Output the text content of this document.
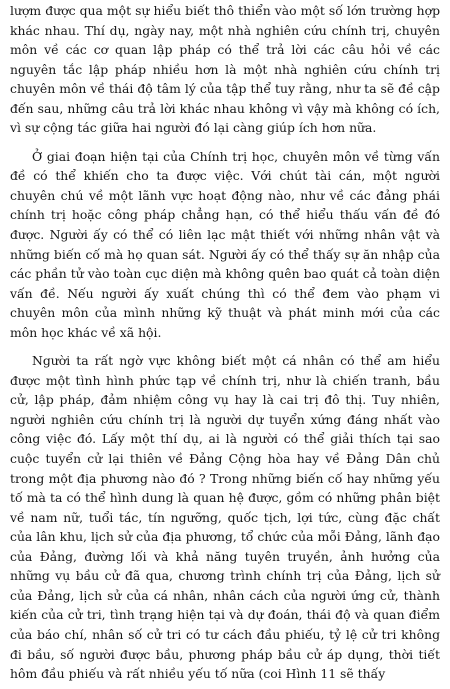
lượm được qua một sự hiểu biết thô thiển vào một số lớn trường hợp khác nhau. Thí dụ, ngày nay, một nhà nghiên cứu chính trị, chuyên môn về các cơ quan lập pháp có thể trả lời các câu hỏi về các nguyên tắc lập pháp nhiều hơn là một nhà nghiên cứu chính trị chuyên môn về thái độ tâm lý của tập thể tuy rằng, như ta sẽ đề cập đến sau, những câu trả lời khác nhau không vì vậy mà không có ích, vì sự cộng tác giữa hai người đó lại càng giúp ích hơn nữa.

Ở giai đoạn hiện tại của Chính trị học, chuyên môn về từng vấn đề có thể khiến cho ta được việc. Với chút tài cán, một người chuyên chú về một lãnh vực hoạt động nào, như về các đảng phái chính trị hoặc công pháp chẳng hạn, có thể hiểu thấu vấn đề đó được. Người ấy có thể có liên lạc mật thiết với những nhân vật và những biến cố mà họ quan sát. Người ấy có thể thấy sự ăn nhập của các phần tử vào toàn cục diện mà không quên bao quát cả toàn diện vấn đề. Nếu người ấy xuất chúng thì có thể đem vào phạm vi chuyên môn của mình những kỹ thuật và phát minh mới của các môn học khác về xã hội.

Người ta rất ngờ vực không biết một cá nhân có thể am hiểu được một tình hình phức tạp về chính trị, như là chiến tranh, bầu cử, lập pháp, đảm nhiệm công vụ hay là cai trị đô thị. Tuy nhiên, người nghiên cứu chính trị là người dự tuyển xứng đáng nhất vào công việc đó. Lấy một thí dụ, ai là người có thể giải thích tại sao cuộc tuyển cử lại thiên về Đảng Cộng hòa hay về Đảng Dân chủ trong một địa phương nào đó ? Trong những biến cố hay những yếu tố mà ta có thể hình dung là quan hệ được, gồm có những phân biệt về nam nữ, tuổi tác, tín ngưỡng, quốc tịch, lợi tức, cùng đặc chất của lân khu, lịch sử của địa phương, tổ chức của mỗi Đảng, lãnh đạo của Đảng, đường lối và khả năng tuyên truyền, ảnh hưởng của những vụ bầu cử đã qua, chương trình chính trị của Đảng, lịch sử của Đảng, lịch sử của cá nhân, nhân cách của người ứng cử, thành kiến của cử tri, tình trạng hiện tại và dự đoán, thái độ và quan điểm của báo chí, nhân số cử tri có tư cách đầu phiếu, tỷ lệ cử tri không đi bầu, số người được bầu, phương pháp bầu cử áp dụng, thời tiết hôm đầu phiếu và rất nhiều yếu tố nữa (coi Hình 11 sẽ thấy
